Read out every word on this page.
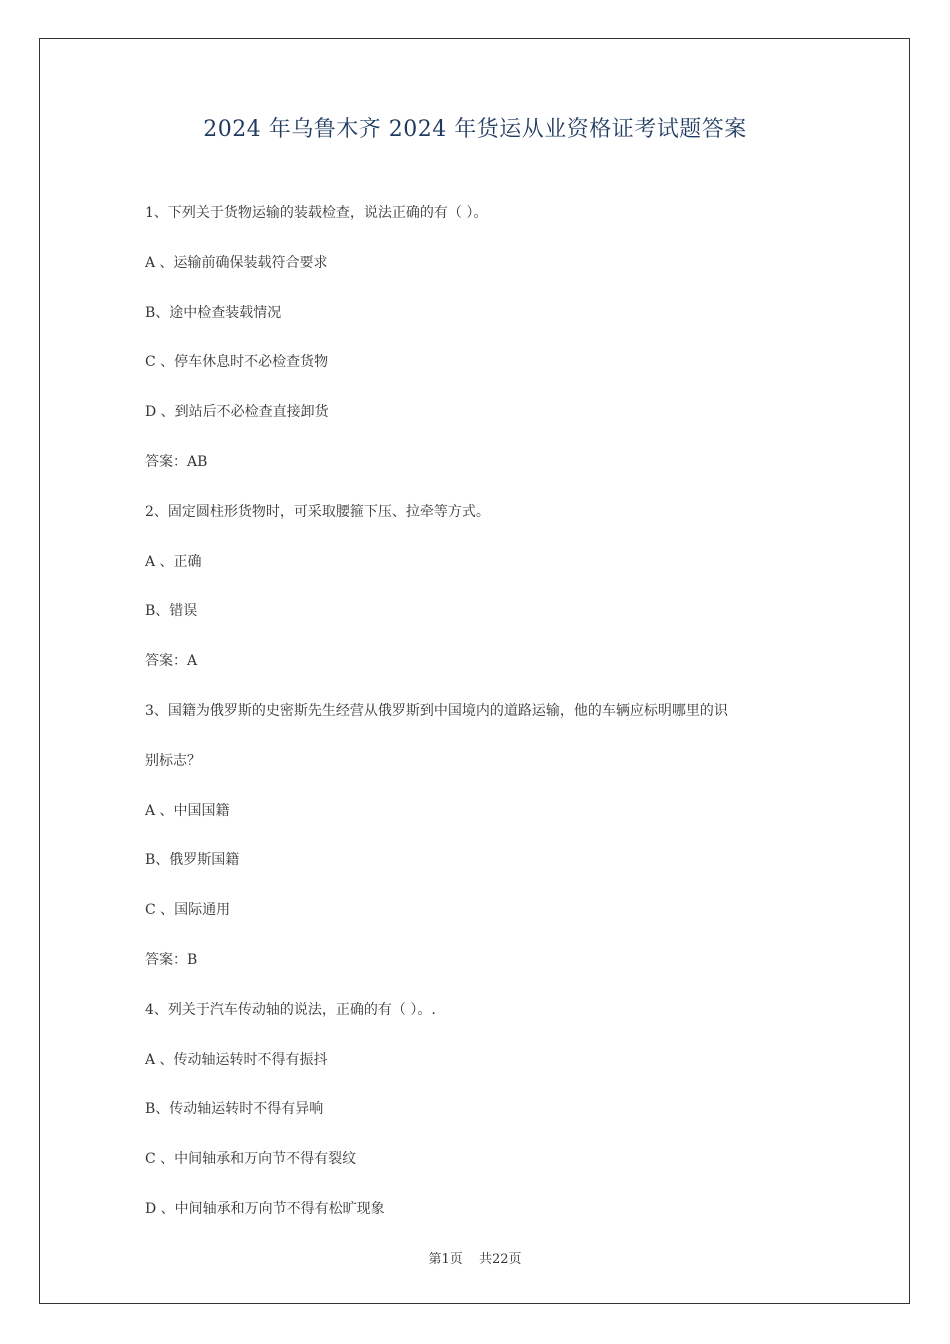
2024 年乌鲁木齐 2024 年货运从业资格证考试题答案
1、下列关于货物运输的装载检查，说法正确的有（ ）。
A 、运输前确保装载符合要求
B、途中检查装载情况
C 、停车休息时不必检查货物
D 、到站后不必检查直接卸货
答案：AB
2、固定圆柱形货物时，可采取腰箍下压、拉牵等方式。
A 、正确
B、错误
答案：A
3、国籍为俄罗斯的史密斯先生经营从俄罗斯到中国境内的道路运输，他的车辆应标明哪里的识
别标志？
A 、中国国籍
B、俄罗斯国籍
C 、国际通用
答案：B
4、列关于汽车传动轴的说法，正确的有（ ）。.
A 、传动轴运转时不得有振抖
B、传动轴运转时不得有异响
C 、中间轴承和万向节不得有裂纹
D 、中间轴承和万向节不得有松旷现象
第1页 共22页
